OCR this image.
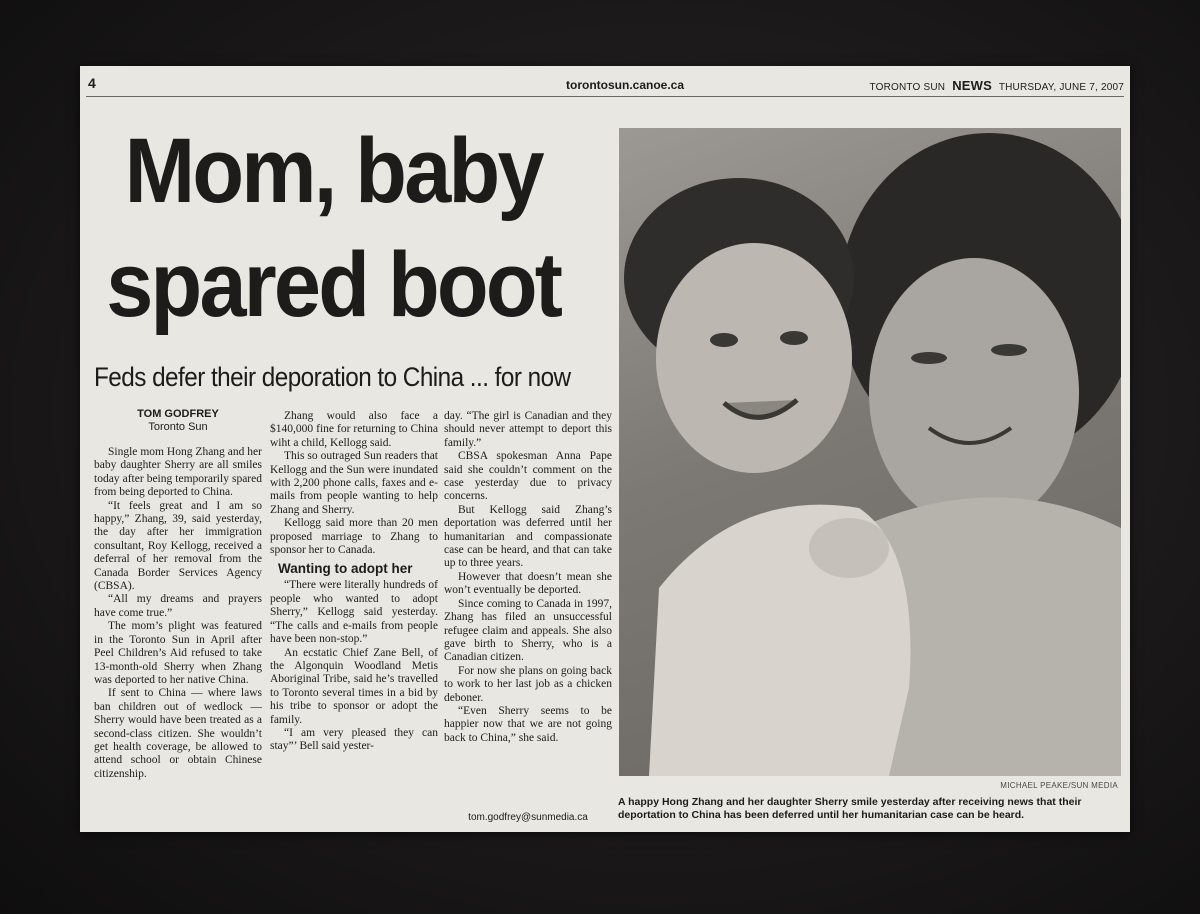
4	torontosun.canoe.ca	TORONTO SUN NEWS THURSDAY, JUNE 7, 2007
Mom, baby
spared boot
Feds defer their deporation to China ... for now
TOM GODFREY
Toronto Sun

Single mom Hong Zhang and her baby daughter Sherry are all smiles today after being temporarily spared from being deported to China.

“It feels great and I am so happy,” Zhang, 39, said yesterday, the day after her immigration consultant, Roy Kellogg, received a deferral of her removal from the Canada Border Services Agency (CBSA).

“All my dreams and prayers have come true.”

The mom’s plight was featured in the Toronto Sun in April after Peel Children’s Aid refused to take 13-month-old Sherry when Zhang was deported to her native China.

If sent to China — where laws ban children out of wedlock — Sherry would have been treated as a second-class citizen. She wouldn’t get health coverage, be allowed to attend school or obtain Chinese citizenship.

Zhang would also face a $140,000 fine for returning to China wiht a child, Kellogg said.

This so outraged Sun readers that Kellogg and the Sun were inundated with 2,200 phone calls, faxes and e-mails from people wanting to help Zhang and Sherry.

Kellogg said more than 20 men proposed marriage to Zhang to sponsor her to Canada.

Wanting to adopt her

“There were literally hundreds of people who wanted to adopt Sherry,” Kellogg said yesterday. “The calls and e-mails from people have been non-stop.”

An ecstatic Chief Zane Bell, of the Algonquin Woodland Metis Aboriginal Tribe, said he’s travelled to Toronto several times in a bid by his tribe to sponsor or adopt the family.

“I am very pleased they can stay”’ Bell said yester-

day. “The girl is Canadian and they should never attempt to deport this family.”

CBSA spokesman Anna Pape said she couldn’t comment on the case yesterday due to privacy concerns.

But Kellogg said Zhang’s deportation was deferred until her humanitarian and compassionate case can be heard, and that can take up to three years.

However that doesn’t mean she won’t eventually be deported.

Since coming to Canada in 1997, Zhang has filed an unsuccessful refugee claim and appeals. She also gave birth to Sherry, who is a Canadian citizen.

For now she plans on going back to work to her last job as a chicken deboner.

“Even Sherry seems to be happier now that we are not going back to China,” she said.

tom.godfrey@sunmedia.ca
MICHAEL PEAKE/SUN MEDIA
A happy Hong Zhang and her daughter Sherry smile yesterday after receiving news that their deportation to China has been deferred until her humanitarian case can be heard.
